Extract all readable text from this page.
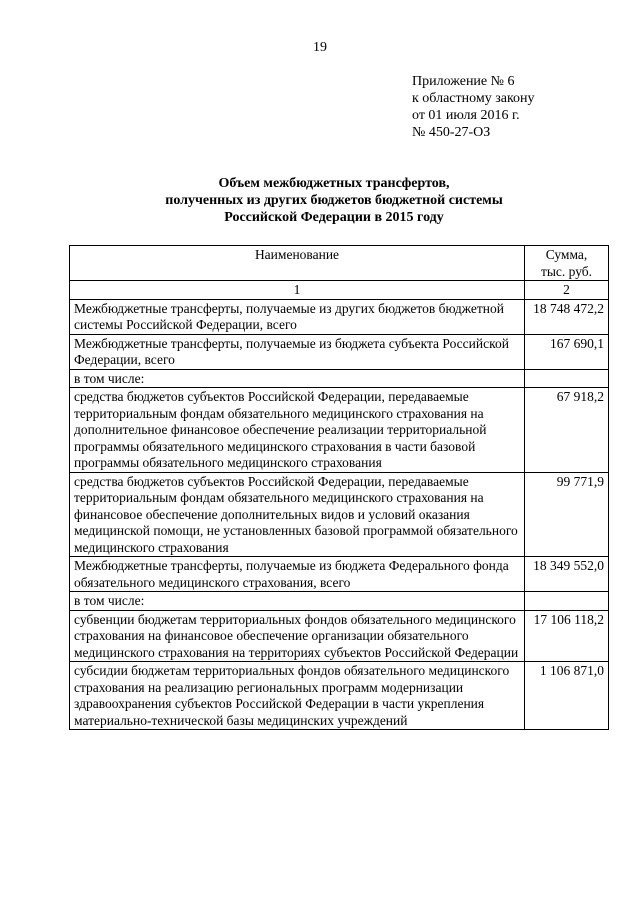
19
Приложение № 6
к областному закону
от 01 июля 2016 г.
№ 450-27-ОЗ
Объем межбюджетных трансфертов,
полученных из других бюджетов бюджетной системы
Российской Федерации в 2015 году
Наименование	Сумма,
тыс. руб.

1	2
Межбюджетные трансферты, получаемые из других бюджетов бюджетной системы Российской Федерации, всего	18 748 472,2
Межбюджетные трансферты, получаемые из бюджета субъекта Российской Федерации, всего	167 690,1
в том числе:	
средства бюджетов субъектов Российской Федерации, передаваемые территориальным фондам обязательного медицинского страхования на дополнительное финансовое обеспечение реализации территориальной программы обязательного медицинского страхования в части базовой программы обязательного медицинского страхования	67 918,2
средства бюджетов субъектов Российской Федерации, передаваемые территориальным фондам обязательного медицинского страхования на финансовое обеспечение дополнительных видов и условий оказания медицинской помощи, не установленных базовой программой обязательного медицинского страхования	99 771,9
Межбюджетные трансферты, получаемые из бюджета Федерального фонда обязательного медицинского страхования, всего	18 349 552,0
в том числе:	
субвенции бюджетам территориальных фондов обязательного медицинского страхования на финансовое обеспечение организации обязательного медицинского страхования на территориях субъектов Российской Федерации	17 106 118,2
субсидии бюджетам территориальных фондов обязательного медицинского страхования на реализацию региональных программ модернизации здравоохранения субъектов Российской Федерации в части укрепления материально-технической базы медицинских учреждений	1 106 871,0
